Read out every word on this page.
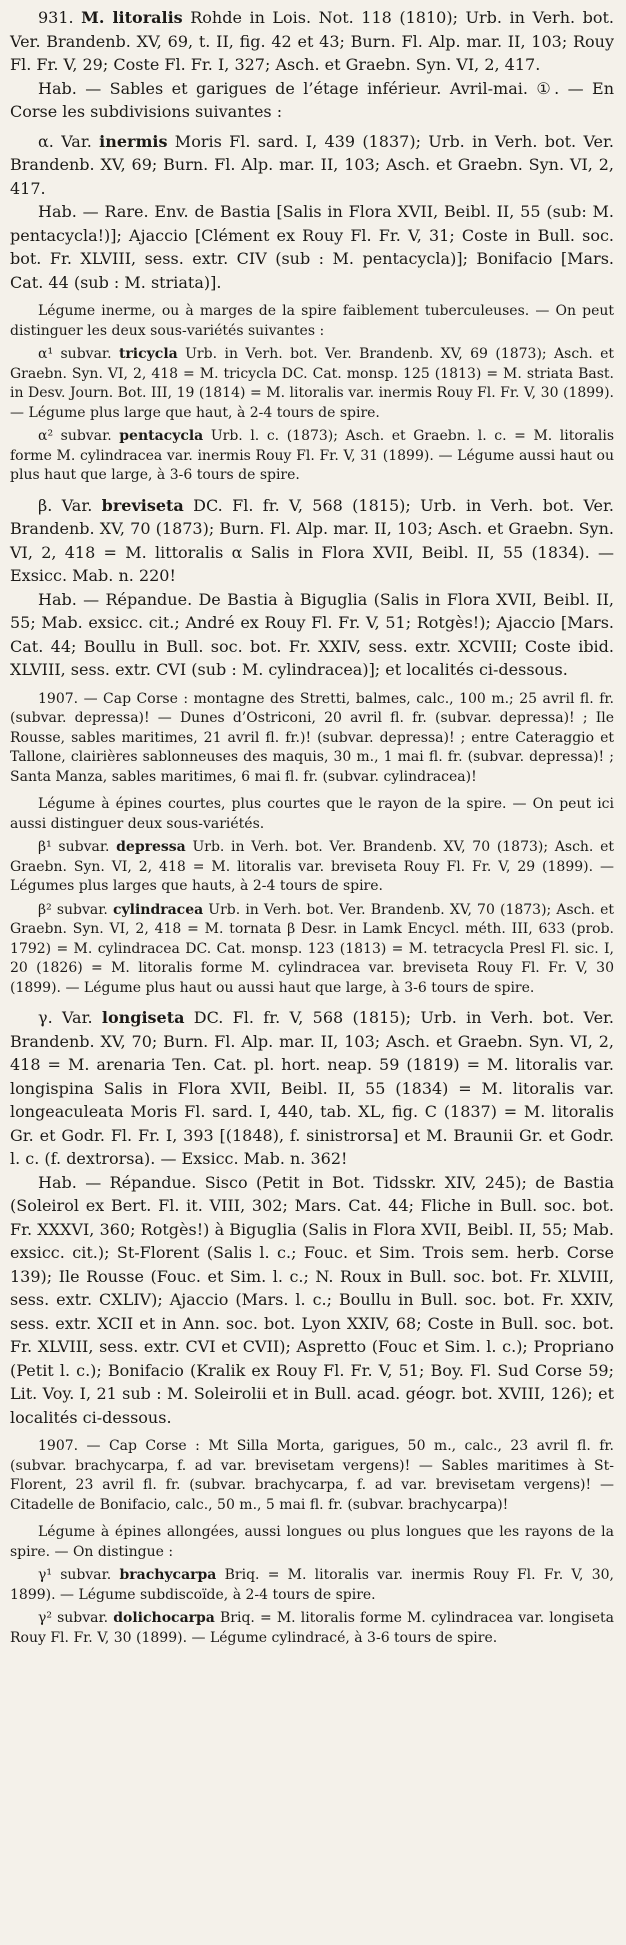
931. M. litoralis Rohde in Lois. Not. 118 (1810); Urb. in Verh. bot. Ver. Brandenb. XV, 69, t. II, fig. 42 et 43; Burn. Fl. Alp. mar. II, 103; Rouy Fl. Fr. V, 29; Coste Fl. Fr. I, 327; Asch. et Graebn. Syn. VI, 2, 417.

Hab. — Sables et garigues de l’étage inférieur. Avril-mai. ①. — En Corse les subdivisions suivantes :

α. Var. inermis Moris Fl. sard. I, 439 (1837); Urb. in Verh. bot. Ver. Brandenb. XV, 69; Burn. Fl. Alp. mar. II, 103; Asch. et Graebn. Syn. VI, 2, 417.

Hab. — Rare. Env. de Bastia [Salis in Flora XVII, Beibl. II, 55 (sub: M. pentacycla!)]; Ajaccio [Clément ex Rouy Fl. Fr. V, 31; Coste in Bull. soc. bot. Fr. XLVIII, sess. extr. CIV (sub : M. pentacycla)]; Bonifacio [Mars. Cat. 44 (sub : M. striata)].

Légume inerme, ou à marges de la spire faiblement tuberculeuses. — On peut distinguer les deux sous-variétés suivantes :

α¹ subvar. tricycla Urb. in Verh. bot. Ver. Brandenb. XV, 69 (1873); Asch. et Graebn. Syn. VI, 2, 418 = M. tricycla DC. Cat. monsp. 125 (1813) = M. striata Bast. in Desv. Journ. Bot. III, 19 (1814) = M. litoralis var. inermis Rouy Fl. Fr. V, 30 (1899). — Légume plus large que haut, à 2-4 tours de spire.

α² subvar. pentacycla Urb. l. c. (1873); Asch. et Graebn. l. c. = M. litoralis forme M. cylindracea var. inermis Rouy Fl. Fr. V, 31 (1899). — Légume aussi haut ou plus haut que large, à 3-6 tours de spire.

β. Var. breviseta DC. Fl. fr. V, 568 (1815); Urb. in Verh. bot. Ver. Brandenb. XV, 70 (1873); Burn. Fl. Alp. mar. II, 103; Asch. et Graebn. Syn. VI, 2, 418 = M. littoralis α Salis in Flora XVII, Beibl. II, 55 (1834). — Exsicc. Mab. n. 220!

Hab. — Répandue. De Bastia à Biguglia (Salis in Flora XVII, Beibl. II, 55; Mab. exsicc. cit.; André ex Rouy Fl. Fr. V, 51; Rotgès!); Ajaccio [Mars. Cat. 44; Boullu in Bull. soc. bot. Fr. XXIV, sess. extr. XCVIII; Coste ibid. XLVIII, sess. extr. CVI (sub : M. cylindracea)]; et localités ci-dessous.

1907. — Cap Corse : montagne des Stretti, balmes, calc., 100 m.; 25 avril fl. fr. (subvar. depressa)! — Dunes d’Ostriconi, 20 avril fl. fr. (subvar. depressa)! ; Ile Rousse, sables maritimes, 21 avril fl. fr.)! (subvar. depressa)! ; entre Cateraggio et Tallone, clairières sablonneuses des maquis, 30 m., 1 mai fl. fr. (subvar. depressa)! ; Santa Manza, sables maritimes, 6 mai fl. fr. (subvar. cylindracea)!

Légume à épines courtes, plus courtes que le rayon de la spire. — On peut ici aussi distinguer deux sous-variétés.

β¹ subvar. depressa Urb. in Verh. bot. Ver. Brandenb. XV, 70 (1873); Asch. et Graebn. Syn. VI, 2, 418 = M. litoralis var. breviseta Rouy Fl. Fr. V, 29 (1899). — Légumes plus larges que hauts, à 2-4 tours de spire.

β² subvar. cylindracea Urb. in Verh. bot. Ver. Brandenb. XV, 70 (1873); Asch. et Graebn. Syn. VI, 2, 418 = M. tornata β Desr. in Lamk Encycl. méth. III, 633 (prob. 1792) = M. cylindracea DC. Cat. monsp. 123 (1813) = M. tetracycla Presl Fl. sic. I, 20 (1826) = M. litoralis forme M. cylindracea var. breviseta Rouy Fl. Fr. V, 30 (1899). — Légume plus haut ou aussi haut que large, à 3-6 tours de spire.

γ. Var. longiseta DC. Fl. fr. V, 568 (1815); Urb. in Verh. bot. Ver. Brandenb. XV, 70; Burn. Fl. Alp. mar. II, 103; Asch. et Graebn. Syn. VI, 2, 418 = M. arenaria Ten. Cat. pl. hort. neap. 59 (1819) = M. litoralis var. longispina Salis in Flora XVII, Beibl. II, 55 (1834) = M. litoralis var. longeaculeata Moris Fl. sard. I, 440, tab. XL, fig. C (1837) = M. litoralis Gr. et Godr. Fl. Fr. I, 393 [(1848), f. sinistrorsa] et M. Braunii Gr. et Godr. l. c. (f. dextrorsa). — Exsicc. Mab. n. 362!

Hab. — Répandue. Sisco (Petit in Bot. Tidsskr. XIV, 245); de Bastia (Soleirol ex Bert. Fl. it. VIII, 302; Mars. Cat. 44; Fliche in Bull. soc. bot. Fr. XXXVI, 360; Rotgès!) à Biguglia (Salis in Flora XVII, Beibl. II, 55; Mab. exsicc. cit.); St-Florent (Salis l. c.; Fouc. et Sim. Trois sem. herb. Corse 139); Ile Rousse (Fouc. et Sim. l. c.; N. Roux in Bull. soc. bot. Fr. XLVIII, sess. extr. CXLIV); Ajaccio (Mars. l. c.; Boullu in Bull. soc. bot. Fr. XXIV, sess. extr. XCII et in Ann. soc. bot. Lyon XXIV, 68; Coste in Bull. soc. bot. Fr. XLVIII, sess. extr. CVI et CVII); Aspretto (Fouc et Sim. l. c.); Propriano (Petit l. c.); Bonifacio (Kralik ex Rouy Fl. Fr. V, 51; Boy. Fl. Sud Corse 59; Lit. Voy. I, 21 sub : M. Soleirolii et in Bull. acad. géogr. bot. XVIII, 126); et localités ci-dessous.

1907. — Cap Corse : Mt Silla Morta, garigues, 50 m., calc., 23 avril fl. fr. (subvar. brachycarpa, f. ad var. brevisetam vergens)! — Sables maritimes à St-Florent, 23 avril fl. fr. (subvar. brachycarpa, f. ad var. brevisetam vergens)! — Citadelle de Bonifacio, calc., 50 m., 5 mai fl. fr. (subvar. brachycarpa)!

Légume à épines allongées, aussi longues ou plus longues que les rayons de la spire. — On distingue :

γ¹ subvar. brachycarpa Briq. = M. litoralis var. inermis Rouy Fl. Fr. V, 30, 1899). — Légume subdiscoïde, à 2-4 tours de spire.

γ² subvar. dolichocarpa Briq. = M. litoralis forme M. cylindracea var. longiseta Rouy Fl. Fr. V, 30 (1899). — Légume cylindracé, à 3-6 tours de spire.
